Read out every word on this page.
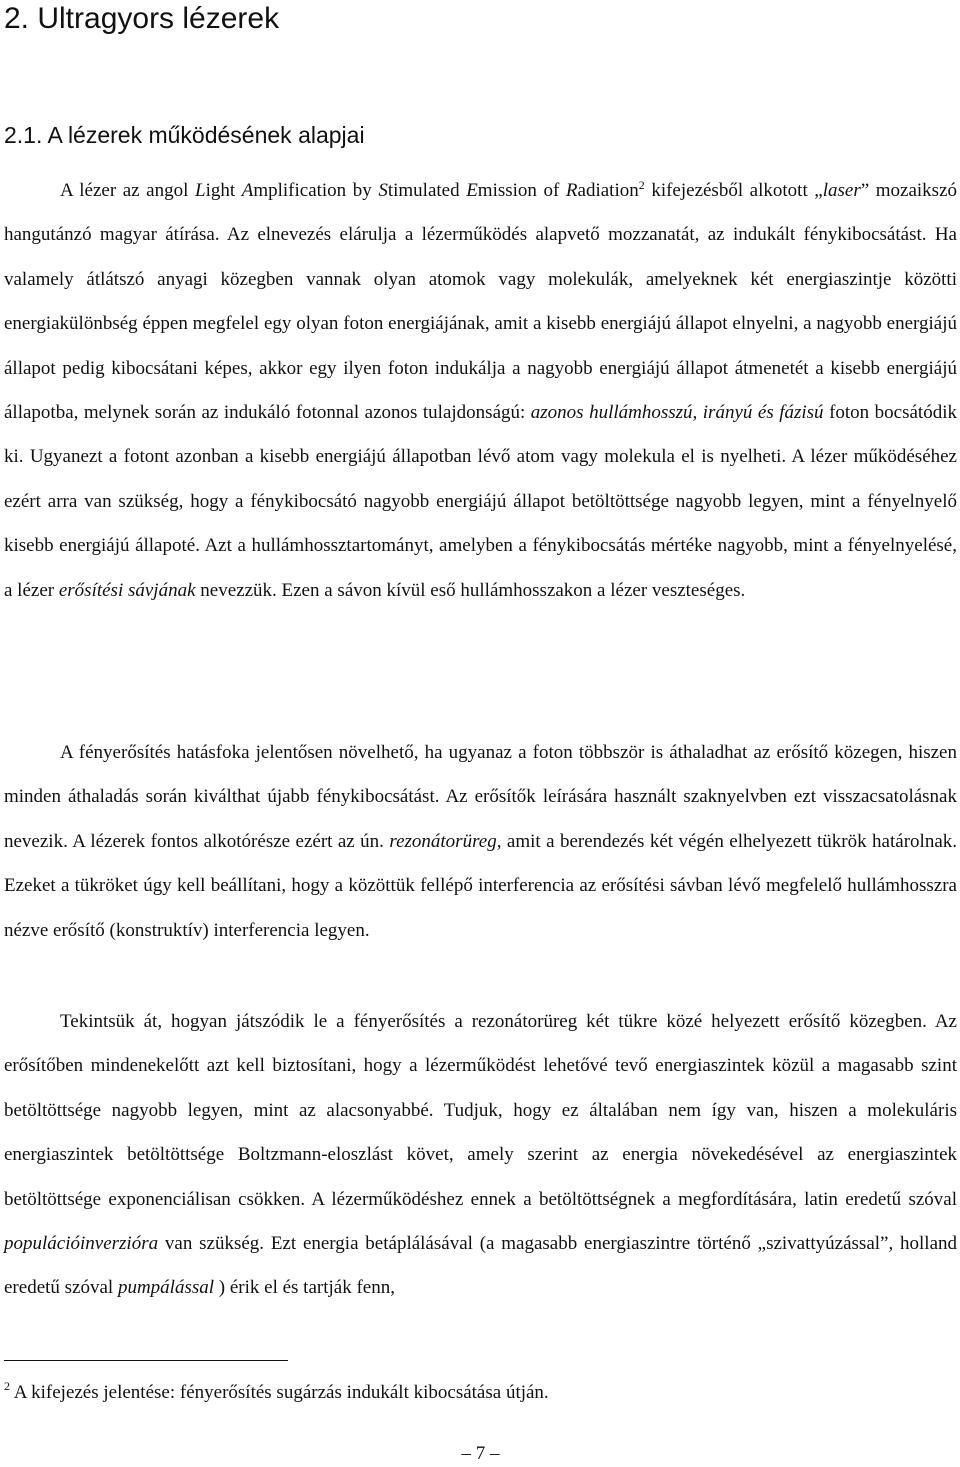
2. Ultragyors lézerek
2.1. A lézerek működésének alapjai

A lézer az angol Light Amplification by Stimulated Emission of Radiation$^2$ kifejezésből alkotott „laser” mozaikszó hangutánzó magyar átírása. Az elnevezés elárulja a lézerműködés alapvető mozzanatát, az indukált fénykibocsátást. Ha valamely átlátszó anyagi közegben vannak olyan atomok vagy molekulák, amelyeknek két energiaszintje közötti energiakülönbség éppen megfelel egy olyan foton energiájának, amit a kisebb energiájú állapot elnyelni, a nagyobb energiájú állapot pedig kibocsátani képes, akkor egy ilyen foton indukálja a nagyobb energiájú állapot átmenetét a kisebb energiájú állapotba, melynek során az indukáló fotonnal azonos tulajdonságú: azonos hullámhosszú, irányú és fázisú foton bocsátódik ki. Ugyanezt a fotont azonban a kisebb energiájú állapotban lévő atom vagy molekula el is nyelheti. A lézer működéséhez ezért arra van szükség, hogy a fénykibocsátó nagyobb energiájú állapot betöltöttsége nagyobb legyen, mint a fényelnyelő kisebb energiájú állapoté. Azt a hullámhossztartományt, amelyben a fénykibocsátás mértéke nagyobb, mint a fényelnyelésé, a lézer erősítési sávjának nevezzük. Ezen a sávon kívül eső hullámhosszakon a lézer veszteséges.

A fényerősítés hatásfoka jelentősen növelhető, ha ugyanaz a foton többször is áthaladhat az erősítő közegen, hiszen minden áthaladás során kiválthat újabb fénykibocsátást. Az erősítők leírására használt szaknyelvben ezt visszacsatolásnak nevezik. A lézerek fontos alkotórésze ezért az ún. rezonátorüreg, amit a berendezés két végén elhelyezett tükrök határolnak. Ezeket a tükröket úgy kell beállítani, hogy a közöttük fellépő interferencia az erősítési sávban lévő megfelelő hullámhosszra nézve erősítő (konstruktív) interferencia legyen.

Tekintsük át, hogyan játszódik le a fényerősítés a rezonátorüreg két tükre közé helyezett erősítő közegben. Az erősítőben mindenekelőtt azt kell biztosítani, hogy a lézerműködést lehetővé tevő energiaszintek közül a magasabb szint betöltöttsége nagyobb legyen, mint az alacsonyabbé. Tudjuk, hogy ez általában nem így van, hiszen a molekuláris energiaszintek betöltöttsége Boltzmann-eloszlást követ, amely szerint az energia növekedésével az energiaszintek betöltöttsége exponenciálisan csökken. A lézerműködéshez ennek a betöltöttségnek a megfordítására, latin eredetű szóval populációinverzióra van szükség. Ezt energia betáplálásával (a magasabb energiaszintre történő „szivattyúzással”, holland eredetű szóval pumpálással ) érik el és tartják fenn,

$^2$ A kifejezés jelentése: fényerősítés sugárzás indukált kibocsátása útján.
– 7 –
